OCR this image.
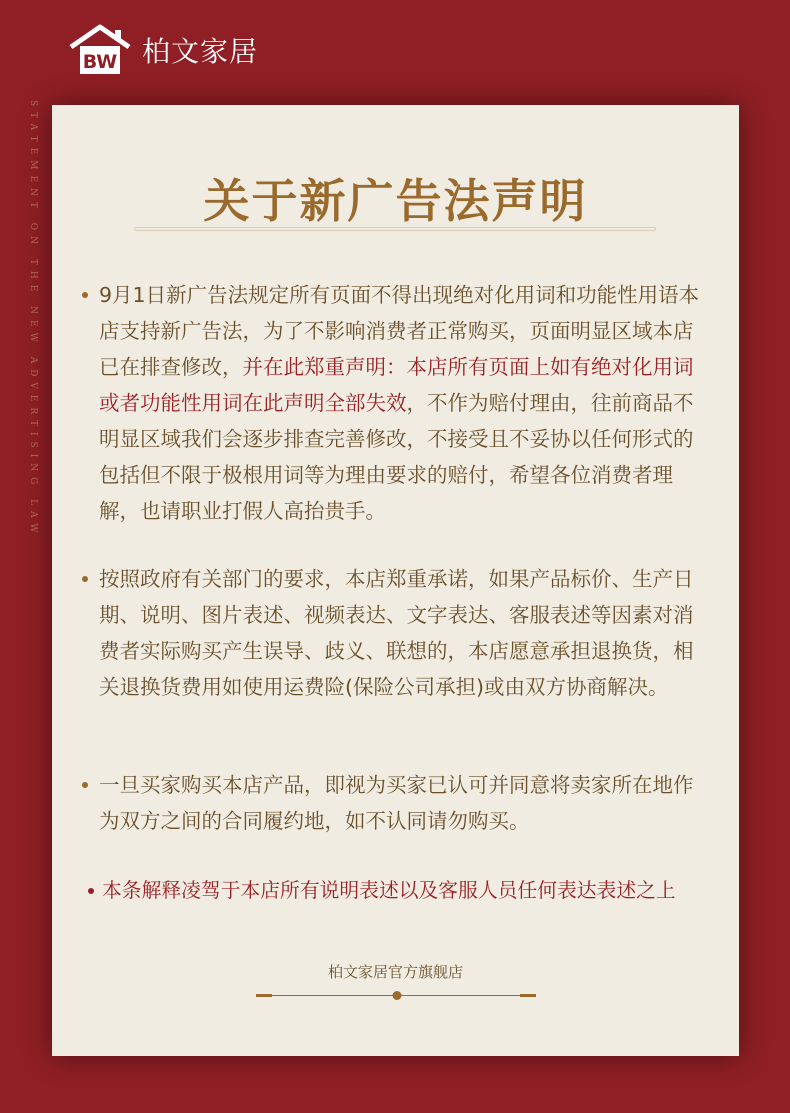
BW 柏文家居
STATEMENT ON THE NEW ADVERTISING LAW	关于新广告法声明
9月1日新广告法规定所有页面不得出现绝对化用词和功能性用语本店支持新广告法，为了不影响消费者正常购买，页面明显区域本店已在排查修改，并在此郑重声明：本店所有页面上如有绝对化用词或者功能性用词在此声明全部失效，不作为赔付理由，往前商品不明显区域我们会逐步排查完善修改，不接受且不妥协以任何形式的包括但不限于极根用词等为理由要求的赔付，希望各位消费者理解，也请职业打假人高抬贵手。
按照政府有关部门的要求，本店郑重承诺，如果产品标价、生产日期、说明、图片表述、视频表达、文字表达、客服表述等因素对消费者实际购买产生误导、歧义、联想的，本店愿意承担退换货，相关退换货费用如使用运费险(保险公司承担)或由双方协商解决。
一旦买家购买本店产品，即视为买家已认可并同意将卖家所在地作为双方之间的合同履约地，如不认同请勿购买。
本条解释凌驾于本店所有说明表述以及客服人员任何表达表述之上
柏文家居官方旗舰店
